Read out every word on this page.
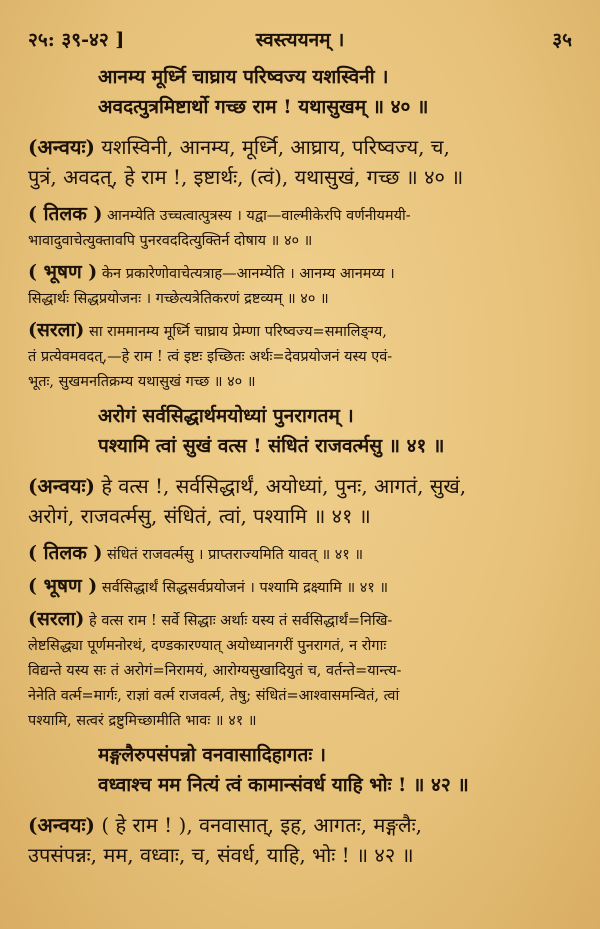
२५: ३९-४२ ]	स्वस्त्ययनम् ।	३५
आनम्य मूर्ध्नि चाघ्राय परिष्वज्य यशस्विनी ।
अवदत्पुत्रमिष्टार्थो गच्छ राम ! यथासुखम् ॥ ४० ॥
(अन्वयः) यशस्विनी, आनम्य, मूर्ध्नि, आघ्राय, परिष्वज्य, च,
पुत्रं, अवदत्, हे राम !, इष्टार्थः, (त्वं), यथासुखं, गच्छ ॥ ४० ॥
( तिलक ) आनम्येति उच्चत्वात्पुत्रस्य । यद्वा—वाल्मीकेरपि वर्णनीयमयी-
भावादुवाचेत्युक्तावपि पुनरवददित्युक्तिर्न दोषाय ॥ ४० ॥
( भूषण ) केन प्रकारेणोवाचेत्यत्राह—आनम्येति । आनम्य आनमय्य ।
सिद्धार्थः सिद्धप्रयोजनः । गच्छेत्यत्रेतिकरणं द्रष्टव्यम् ॥ ४० ॥
(सरला) सा राममानम्य मूर्ध्नि चाघ्राय प्रेम्णा परिष्वज्य=समालिङ्ग्य,
तं प्रत्येवमवदत्,—हे राम ! त्वं इष्टः इच्छितः अर्थः=देवप्रयोजनं यस्य एवं-
भूतः, सुखमनतिक्रम्य यथासुखं गच्छ ॥ ४० ॥
अरोगं सर्वसिद्धार्थमयोध्यां पुनरागतम् ।
पश्यामि त्वां सुखं वत्स ! संधितं राजवर्त्मसु ॥ ४१ ॥
(अन्वयः) हे वत्स !, सर्वसिद्धार्थं, अयोध्यां, पुनः, आगतं, सुखं,
अरोगं, राजवर्त्मसु, संधितं, त्वां, पश्यामि ॥ ४१ ॥
( तिलक ) संधितं राजवर्त्मसु । प्राप्तराज्यमिति यावत् ॥ ४१ ॥
( भूषण ) सर्वसिद्धार्थं सिद्धसर्वप्रयोजनं । पश्यामि द्रक्ष्यामि ॥ ४१ ॥
(सरला) हे वत्स राम ! सर्वे सिद्धाः अर्थाः यस्य तं सर्वसिद्धार्थं=निखि-
लेष्टसिद्ध्या पूर्णमनोरथं, दण्डकारण्यात् अयोध्यानगरीं पुनरागतं, न रोगाः
विद्यन्ते यस्य सः तं अरोगं=निरामयं, आरोग्यसुखादियुतं च, वर्तन्ते=यान्त्य-
नेनेति वर्त्म=मार्गः, राज्ञां वर्त्म राजवर्त्म, तेषु; संधितं=आश्वासमन्वितं, त्वां
पश्यामि, सत्वरं द्रष्टुमिच्छामीति भावः ॥ ४१ ॥
मङ्गलैरुपसंपन्नो वनवासादिहागतः ।
वध्वाश्च मम नित्यं त्वं कामान्संवर्ध याहि भोः ! ॥ ४२ ॥
(अन्वयः) ( हे राम ! ), वनवासात्, इह, आगतः, मङ्गलैः,
उपसंपन्नः, मम, वध्वाः, च, संवर्ध, याहि, भोः ! ॥ ४२ ॥
